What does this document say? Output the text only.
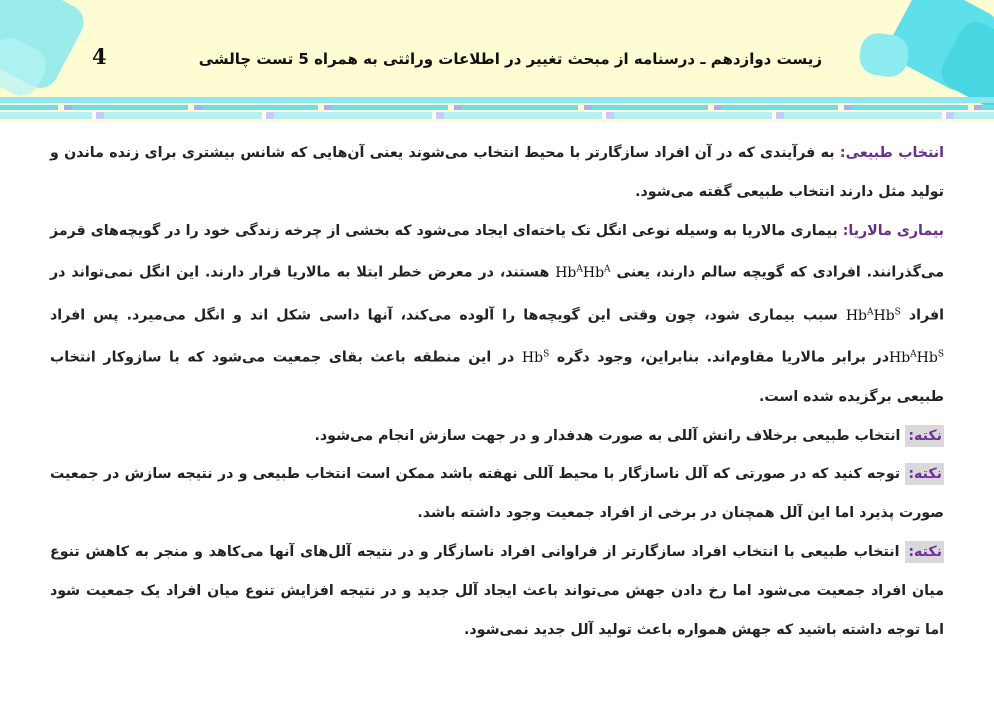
4	زیست دوازدهم ـ درسنامه از مبحث تغییر در اطلاعات وراثتی به همراه 5 تست چالشی

انتخاب طبیعی: به فرآیندی که در آن افراد سازگارتر با محیط انتخاب می‌شوند یعنی آن‌هایی که شانس بیشتری برای زنده ماندن و تولید مثل دارند انتخاب طبیعی گفته می‌شود.

بیماری مالاریا: بیماری مالاریا به وسیله نوعی انگل تک یاخته‌ای ایجاد می‌شود که بخشی از چرخه زندگی خود را در گویچه‌های قرمز می‌گذرانند. افرادی که گویچه سالم دارند، یعنی $Hb^AHb^A$ هستند، در معرض خطر ابتلا به مالاریا قرار دارند. این انگل نمی‌تواند در افراد $Hb^AHb^S$ سبب بیماری شود، چون وقتی این گویچه‌ها را آلوده می‌کند، آنها داسی شکل اند و انگل می‌میرد. پس افراد $Hb^AHb^Sدر$ برابر مالاریا مقاوم‌اند. بنابراین، وجود دگره $Hb^S$ در این منطقه باعث بقای جمعیت می‌شود که با سازوکار انتخاب طبیعی برگزیده شده است.

نکته: انتخاب طبیعی برخلاف رانش آللی به صورت هدفدار و در جهت سازش انجام می‌شود.

نکته: توجه کنید که در صورتی که آلل ناسازگار با محیط آللی نهفته باشد ممکن است انتخاب طبیعی و در نتیجه سازش در جمعیت صورت پذیرد اما این آلل همچنان در برخی از افراد جمعیت وجود داشته باشد.

نکته: انتخاب طبیعی با انتخاب افراد سازگارتر از فراوانی افراد ناسازگار و در نتیجه آلل‌های آنها می‌کاهد و منجر به کاهش تنوع میان افراد جمعیت می‌شود اما رخ دادن جهش می‌تواند باعث ایجاد آلل جدید و در نتیجه افزایش تنوع میان افراد یک جمعیت شود اما توجه داشته باشید که جهش همواره باعث تولید آلل جدید نمی‌شود.
